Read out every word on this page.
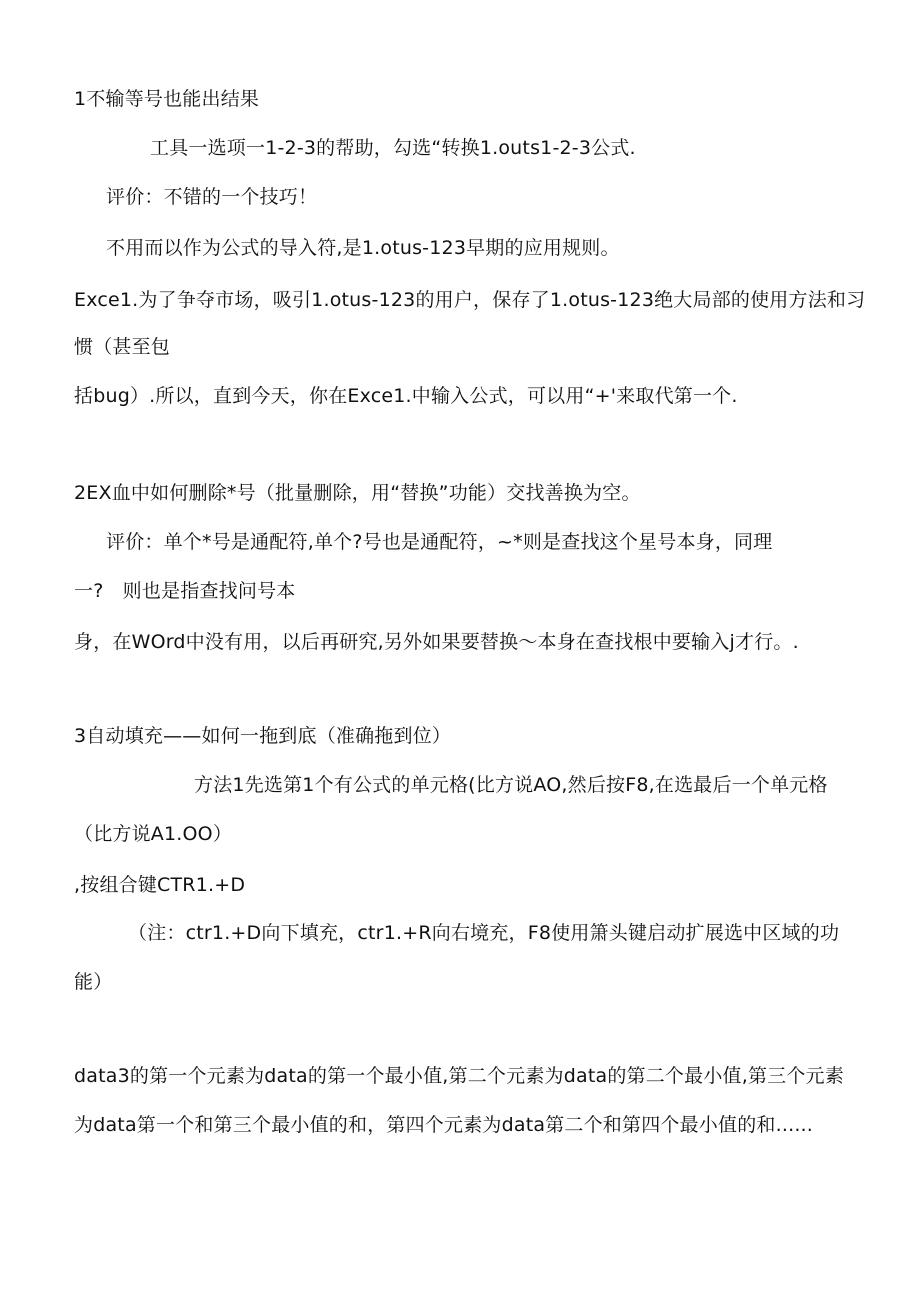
1不输等号也能出结果
工具一选项一1-2-3的帮助，勾选“转换1.outs1-2-3公式.
评价：不错的一个技巧！
不用而以作为公式的导入符,是1.otus-123早期的应用规则。
Exce1.为了争夺市场，吸引1.otus-123的用户，保存了1.otus-123绝大局部的使用方法和习
惯（甚至包
括bug）.所以，直到今天，你在Exce1.中输入公式，可以用“+'来取代第一个.
2EX血中如何删除*号（批量删除，用“替换”功能）交找善换为空。
评价：单个*号是通配符,单个?号也是通配符，~*则是查找这个星号本身，同理
一?　则也是指查找问号本
身，在WOrd中没有用，以后再研究,另外如果要替换〜本身在查找根中要输入j才行。.
3自动填充——如何一拖到底（准确拖到位）
方法1先选第1个有公式的单元格(比方说AO,然后按F8,在选最后一个单元格
（比方说A1.OO）
,按组合键CTR1.+D
（注：ctr1.+D向下填充，ctr1.+R向右境充，F8使用箫头键启动扩展选中区域的功
能）
data3的第一个元素为data的第一个最小值,第二个元素为data的第二个最小值,第三个元素
为data第一个和第三个最小值的和，第四个元素为data第二个和第四个最小值的和......
